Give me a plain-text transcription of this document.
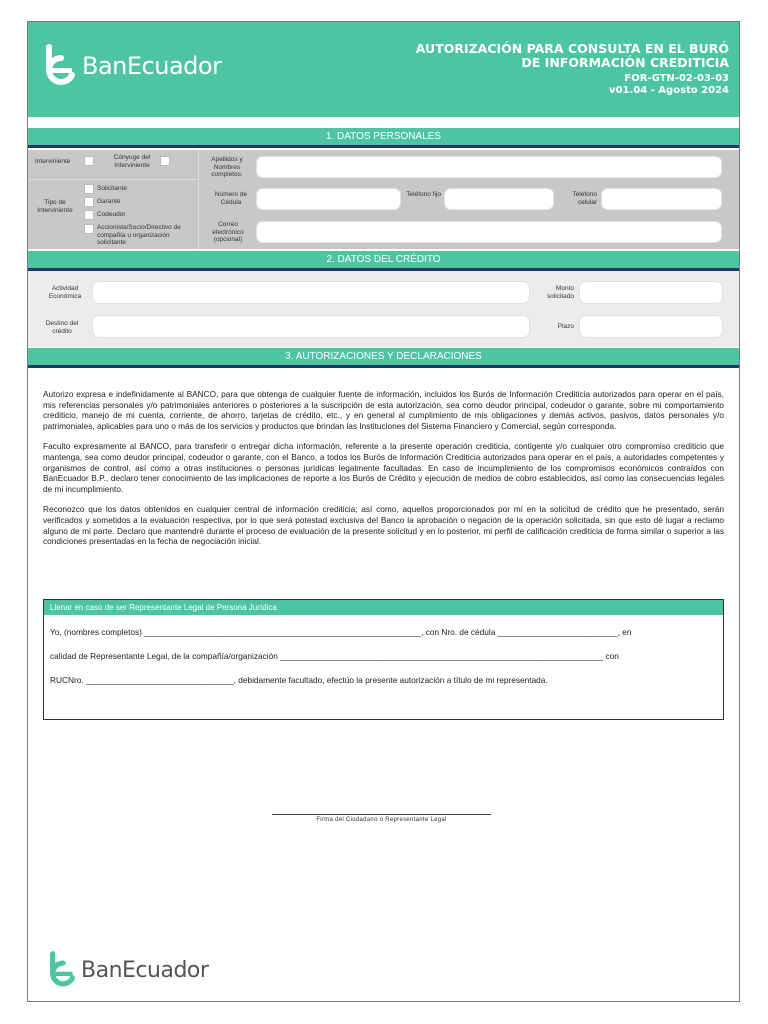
BanEcuador
AUTORIZACIÓN PARA CONSULTA EN EL BURÓ
DE INFORMACIÓN CREDITICIA
FOR-GTN-02-03-03
v01.04 - Agosto 2024
1. DATOS PERSONALES
Interviniente
Cónyuge del Interviniente
Tipo de Interviniente
Solicitante
Garante
Codeudor
Accionista/Socio/Directivo de compañía u organización solicitante
Apellidos y Nombres completos:
Número de Cédula
Teléfono fijo	Teléfono celular
Correo electrónico (opcional)
2. DATOS DEL CRÉDITO
Actividad Económica
Monto solicitado
Destino del crédito
Plazo
3. AUTORIZACIONES Y DECLARACIONES

Autorizo expresa e indefinidamente al BANCO, para que obtenga de cualquier fuente de información, incluidos los Burós de Información Crediticia autorizados para operar en el país, mis referencias personales y/o patrimoniales anteriores o posteriores a la suscripción de esta autorización, sea como deudor principal, codeudor o garante, sobre mi comportamiento crediticio, manejo de mi cuenta, corriente, de ahorro, tarjetas de crédito, etc., y en general al cumplimiento de mis obligaciones y demás activos, pasivos, datos personales y/o patrimoniales, aplicables para uno o más de los servicios y productos que brindan las Instituciones del Sistema Financiero y Comercial, según corresponda.

Faculto expresamente al BANCO, para transferir o entregar dicha información, referente a la presente operación crediticia, contigente y/o cualquier otro compromiso crediticio que mantenga, sea como deudor principal, codeudor o garante, con el Banco, a todos los Burós de Información Crediticia autorizados para operar en el país, a autoridades competentes y organismos de control, así como a otras instituciones o personas jurídicas legalmente facultadas. En caso de incumplimiento de los compromisos económicos contraídos con BanEcuador B.P., declaro tener conocimiento de las implicaciones de reporte a los Burós de Crédito y ejecución de medios de cobro establecidos, así como las consecuencias legales de mi incumplimiento.

Reconozco que los datos obtenidos en cualquier central de información crediticia; así como, aquellos proporcionados por mí en la solicitud de crédito que he presentado, serán verificados y sometidos a la evaluación respectiva, por lo que será potestad exclusiva del Banco la aprobación o negación de la operación solicitada, sin que esto dé lugar a reclamo alguno de mi parte. Declaro que mantendré durante el proceso de evaluación de la presente solicitud y en lo posterior, mi perfil de calificación crediticia de forma similar o superior a las condiciones presentadas en la fecha de negociación inicial.

Llenar en caso de ser Representante Legal de Persona Jurídica
Yo, (nombres completos) ____________________________________________________________, con Nro. de cédula __________________________, en
calidad de Representante Legal, de la compañía/organización ______________________________________________________________________ con
RUCNro. ________________________________, debidamente facultado, efectúo la presente autorización a título de mi representada.
Firma del Ciudadano o Representante Legal
BanEcuador
